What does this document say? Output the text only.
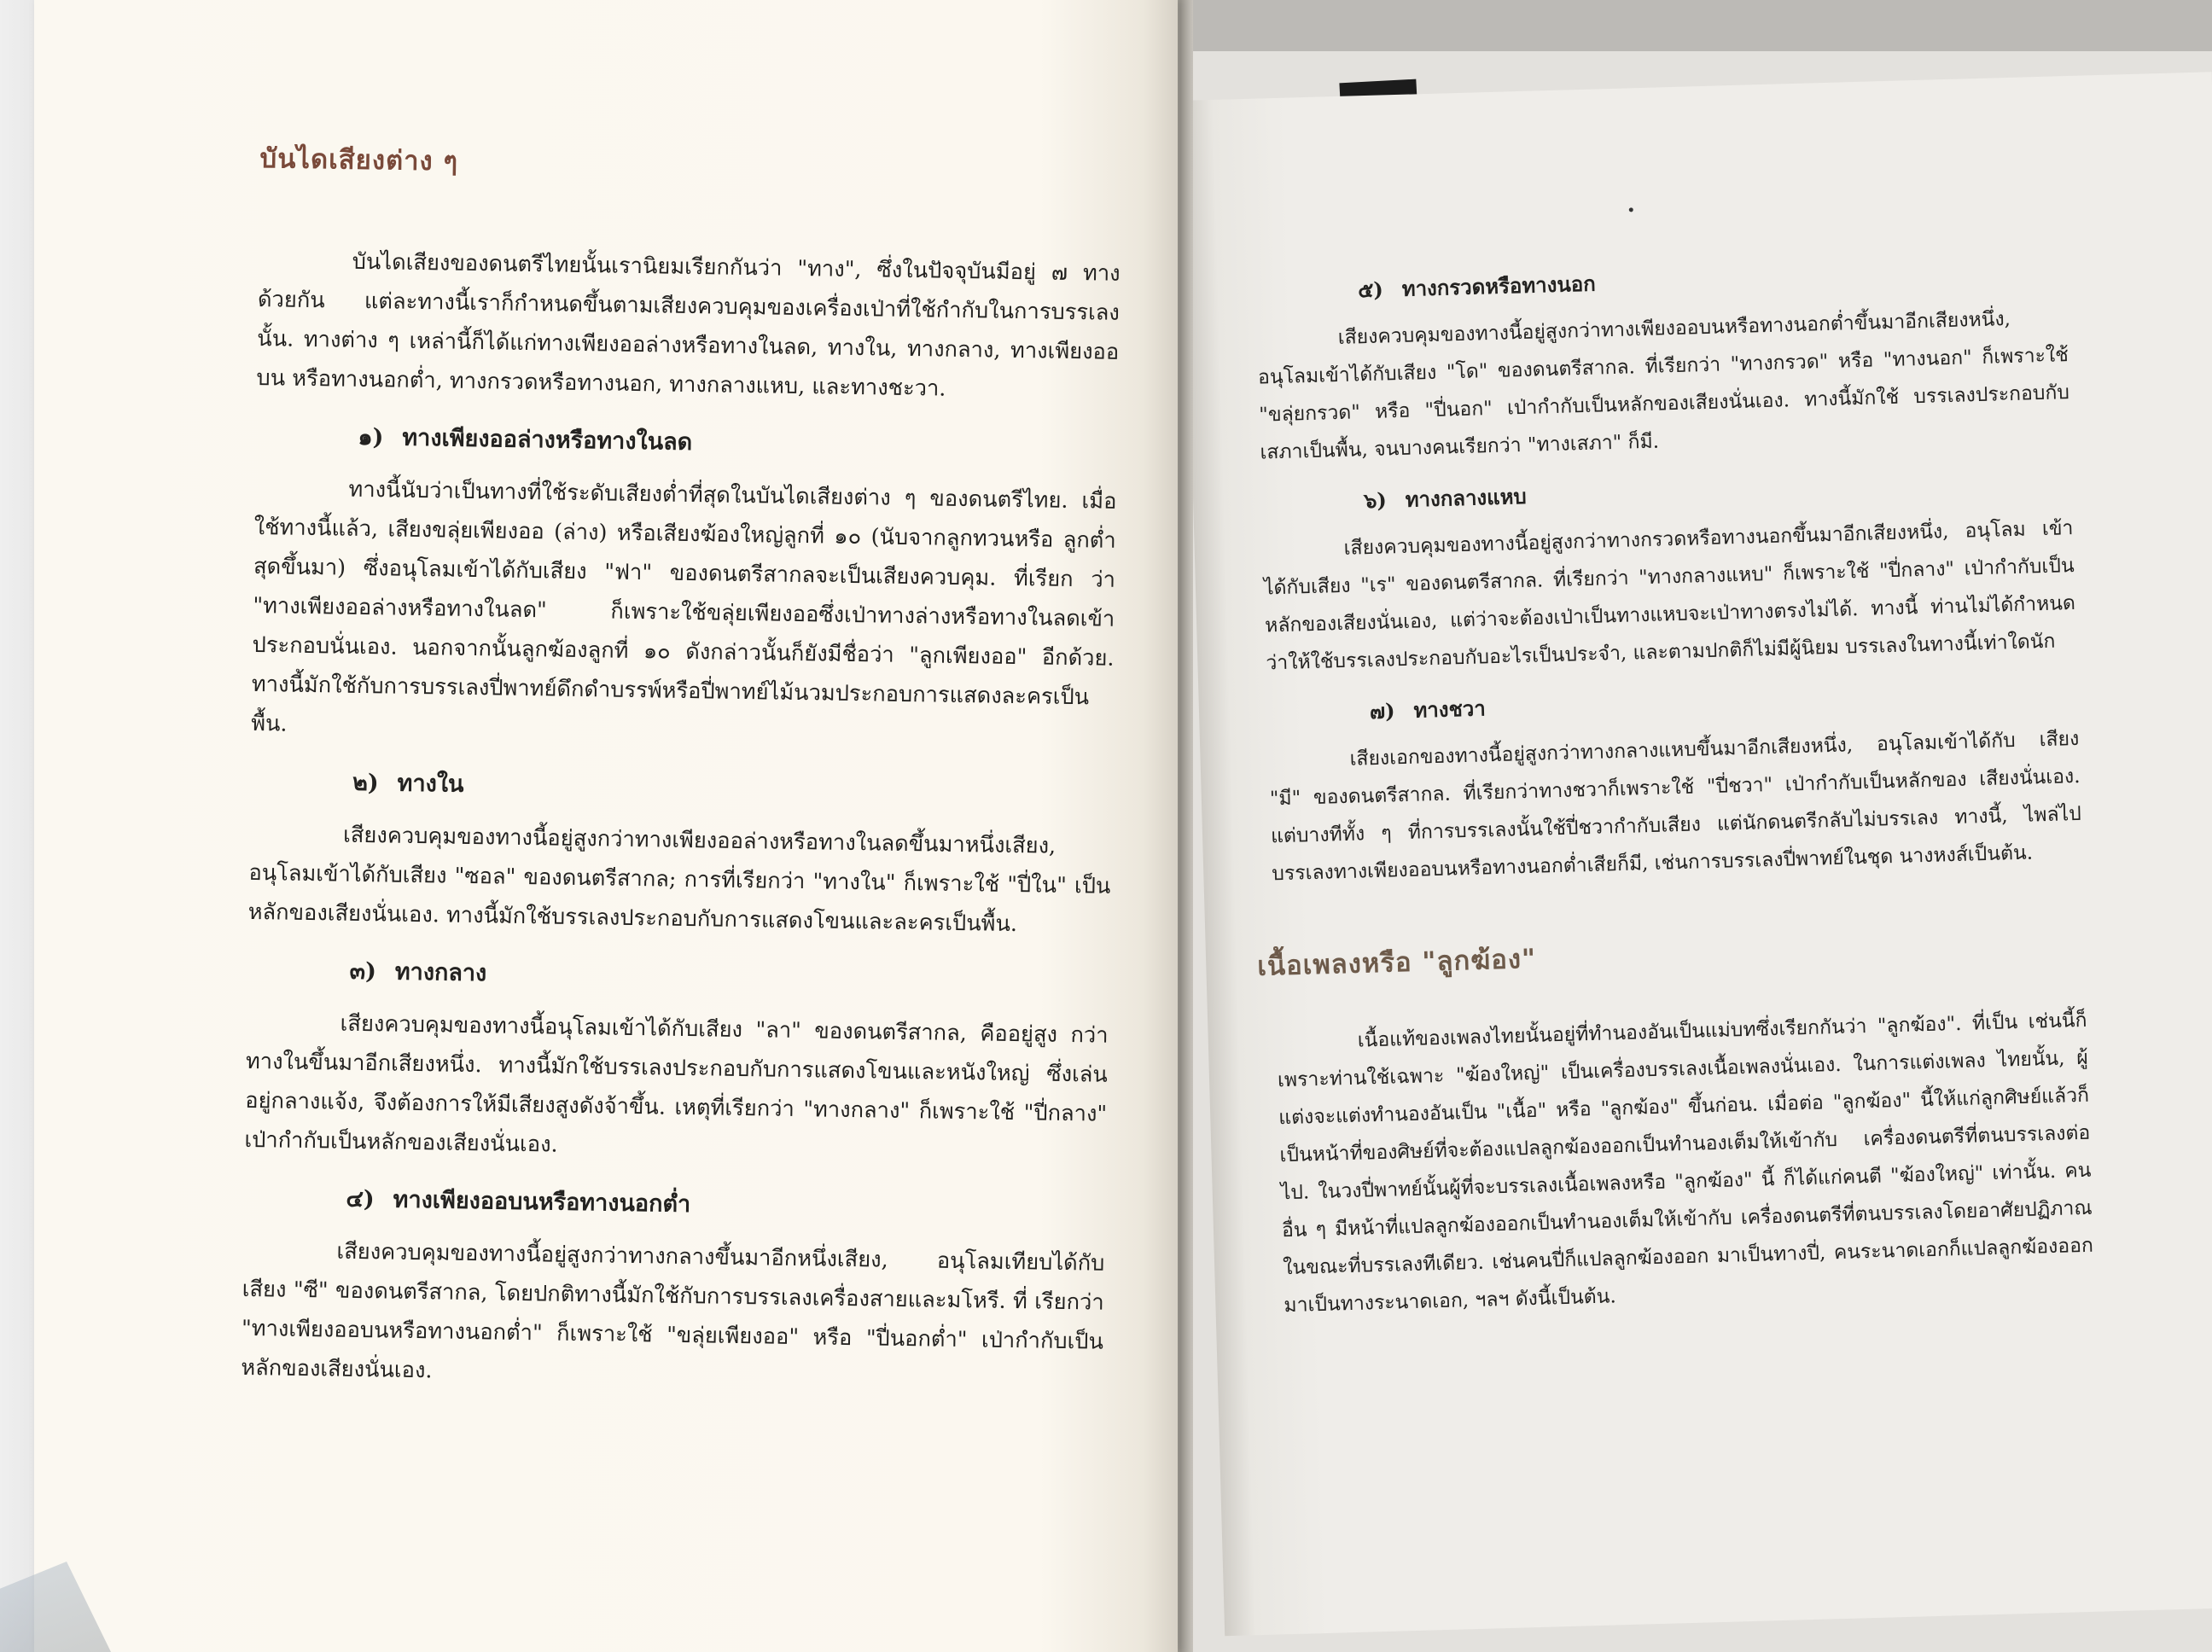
๕) ทางกรวดหรือทางนอก

เสียงควบคุมของทางนี้อยู่สูงกว่าทางเพียงออบนหรือทางนอกต่ำขึ้นมาอีกเสียงหนึ่ง, อนุโลมเข้าได้กับเสียง "โด" ของดนตรีสากล. ที่เรียกว่า "ทางกรวด" หรือ "ทางนอก" ก็เพราะใช้ "ขลุ่ยกรวด" หรือ "ปี่นอก" เป่ากำกับเป็นหลักของเสียงนั่นเอง. ทางนี้มักใช้ บรรเลงประกอบกับเสภาเป็นพื้น, จนบางคนเรียกว่า "ทางเสภา" ก็มี.

๖) ทางกลางแหบ

เสียงควบคุมของทางนี้อยู่สูงกว่าทางกรวดหรือทางนอกขึ้นมาอีกเสียงหนึ่ง, อนุโลม เข้าได้กับเสียง "เร" ของดนตรีสากล. ที่เรียกว่า "ทางกลางแหบ" ก็เพราะใช้ "ปี่กลาง" เป่ากำกับเป็นหลักของเสียงนั่นเอง, แต่ว่าจะต้องเป่าเป็นทางแหบจะเป่าทางตรงไม่ได้. ทางนี้ ท่านไม่ได้กำหนดว่าให้ใช้บรรเลงประกอบกับอะไรเป็นประจำ, และตามปกติก็ไม่มีผู้นิยม บรรเลงในทางนี้เท่าใดนัก

๗) ทางชวา

เสียงเอกของทางนี้อยู่สูงกว่าทางกลางแหบขึ้นมาอีกเสียงหนึ่ง, อนุโลมเข้าได้กับ เสียง "มี" ของดนตรีสากล. ที่เรียกว่าทางชวาก็เพราะใช้ "ปี่ชวา" เป่ากำกับเป็นหลักของ เสียงนั่นเอง. แต่บางทีทั้ง ๆ ที่การบรรเลงนั้นใช้ปี่ชวากำกับเสียง แต่นักดนตรีกลับไม่บรรเลง ทางนี้, ไพล่ไปบรรเลงทางเพียงออบนหรือทางนอกต่ำเสียก็มี, เช่นการบรรเลงปี่พาทย์ในชุด นางหงส์เป็นต้น.

เนื้อเพลงหรือ "ลูกฆ้อง"

เนื้อแท้ของเพลงไทยนั้นอยู่ที่ทำนองอันเป็นแม่บทซึ่งเรียกกันว่า "ลูกฆ้อง". ที่เป็น เช่นนี้ก็เพราะท่านใช้เฉพาะ "ฆ้องใหญ่" เป็นเครื่องบรรเลงเนื้อเพลงนั่นเอง. ในการแต่งเพลง ไทยนั้น, ผู้แต่งจะแต่งทำนองอันเป็น "เนื้อ" หรือ "ลูกฆ้อง" ขึ้นก่อน. เมื่อต่อ "ลูกฆ้อง" นี้ให้แก่ลูกศิษย์แล้วก็เป็นหน้าที่ของศิษย์ที่จะต้องแปลลูกฆ้องออกเป็นทำนองเต็มให้เข้ากับ เครื่องดนตรีที่ตนบรรเลงต่อไป. ในวงปี่พาทย์นั้นผู้ที่จะบรรเลงเนื้อเพลงหรือ "ลูกฆ้อง" นี้ ก็ได้แก่คนตี "ฆ้องใหญ่" เท่านั้น. คนอื่น ๆ มีหน้าที่แปลลูกฆ้องออกเป็นทำนองเต็มให้เข้ากับ เครื่องดนตรีที่ตนบรรเลงโดยอาศัยปฏิภาณในขณะที่บรรเลงทีเดียว. เช่นคนปี่ก็แปลลูกฆ้องออก มาเป็นทางปี่, คนระนาดเอกก็แปลลูกฆ้องออกมาเป็นทางระนาดเอก, ฯลฯ ดังนี้เป็นต้น.

บันไดเสียงต่าง ๆ

บันไดเสียงของดนตรีไทยนั้นเรานิยมเรียกกันว่า "ทาง", ซึ่งในปัจจุบันมีอยู่ ๗ ทาง ด้วยกัน แต่ละทางนี้เราก็กำหนดขึ้นตามเสียงควบคุมของเครื่องเป่าที่ใช้กำกับในการบรรเลงนั้น. ทางต่าง ๆ เหล่านี้ก็ได้แก่ทางเพียงออล่างหรือทางในลด, ทางใน, ทางกลาง, ทางเพียงออบน หรือทางนอกต่ำ, ทางกรวดหรือทางนอก, ทางกลางแหบ, และทางชะวา.

๑) ทางเพียงออล่างหรือทางในลด

ทางนี้นับว่าเป็นทางที่ใช้ระดับเสียงต่ำที่สุดในบันไดเสียงต่าง ๆ ของดนตรีไทย. เมื่อ ใช้ทางนี้แล้ว, เสียงขลุ่ยเพียงออ (ล่าง) หรือเสียงฆ้องใหญ่ลูกที่ ๑๐ (นับจากลูกทวนหรือ ลูกต่ำสุดขึ้นมา) ซึ่งอนุโลมเข้าได้กับเสียง "ฟา" ของดนตรีสากลจะเป็นเสียงควบคุม. ที่เรียก ว่า "ทางเพียงออล่างหรือทางในลด" ก็เพราะใช้ขลุ่ยเพียงออซึ่งเป่าทางล่างหรือทางในลดเข้า ประกอบนั่นเอง. นอกจากนั้นลูกฆ้องลูกที่ ๑๐ ดังกล่าวนั้นก็ยังมีชื่อว่า "ลูกเพียงออ" อีกด้วย. ทางนี้มักใช้กับการบรรเลงปี่พาทย์ดึกดำบรรพ์หรือปี่พาทย์ไม้นวมประกอบการแสดงละครเป็นพื้น.

๒) ทางใน

เสียงควบคุมของทางนี้อยู่สูงกว่าทางเพียงออล่างหรือทางในลดขึ้นมาหนึ่งเสียง, อนุโลมเข้าได้กับเสียง "ซอล" ของดนตรีสากล; การที่เรียกว่า "ทางใน" ก็เพราะใช้ "ปี่ใน" เป็นหลักของเสียงนั่นเอง. ทางนี้มักใช้บรรเลงประกอบกับการแสดงโขนและละครเป็นพื้น.

๓) ทางกลาง

เสียงควบคุมของทางนี้อนุโลมเข้าได้กับเสียง "ลา" ของดนตรีสากล, คืออยู่สูง กว่าทางในขึ้นมาอีกเสียงหนึ่ง. ทางนี้มักใช้บรรเลงประกอบกับการแสดงโขนและหนังใหญ่ ซึ่งเล่นอยู่กลางแจ้ง, จึงต้องการให้มีเสียงสูงดังจ้าขึ้น. เหตุที่เรียกว่า "ทางกลาง" ก็เพราะใช้ "ปี่กลาง" เป่ากำกับเป็นหลักของเสียงนั่นเอง.

๔) ทางเพียงออบนหรือทางนอกต่ำ

เสียงควบคุมของทางนี้อยู่สูงกว่าทางกลางขึ้นมาอีกหนึ่งเสียง, อนุโลมเทียบได้กับ เสียง "ซี" ของดนตรีสากล, โดยปกติทางนี้มักใช้กับการบรรเลงเครื่องสายและมโหรี. ที่ เรียกว่า "ทางเพียงออบนหรือทางนอกต่ำ" ก็เพราะใช้ "ขลุ่ยเพียงออ" หรือ "ปี่นอกต่ำ" เป่ากำกับเป็นหลักของเสียงนั่นเอง.
